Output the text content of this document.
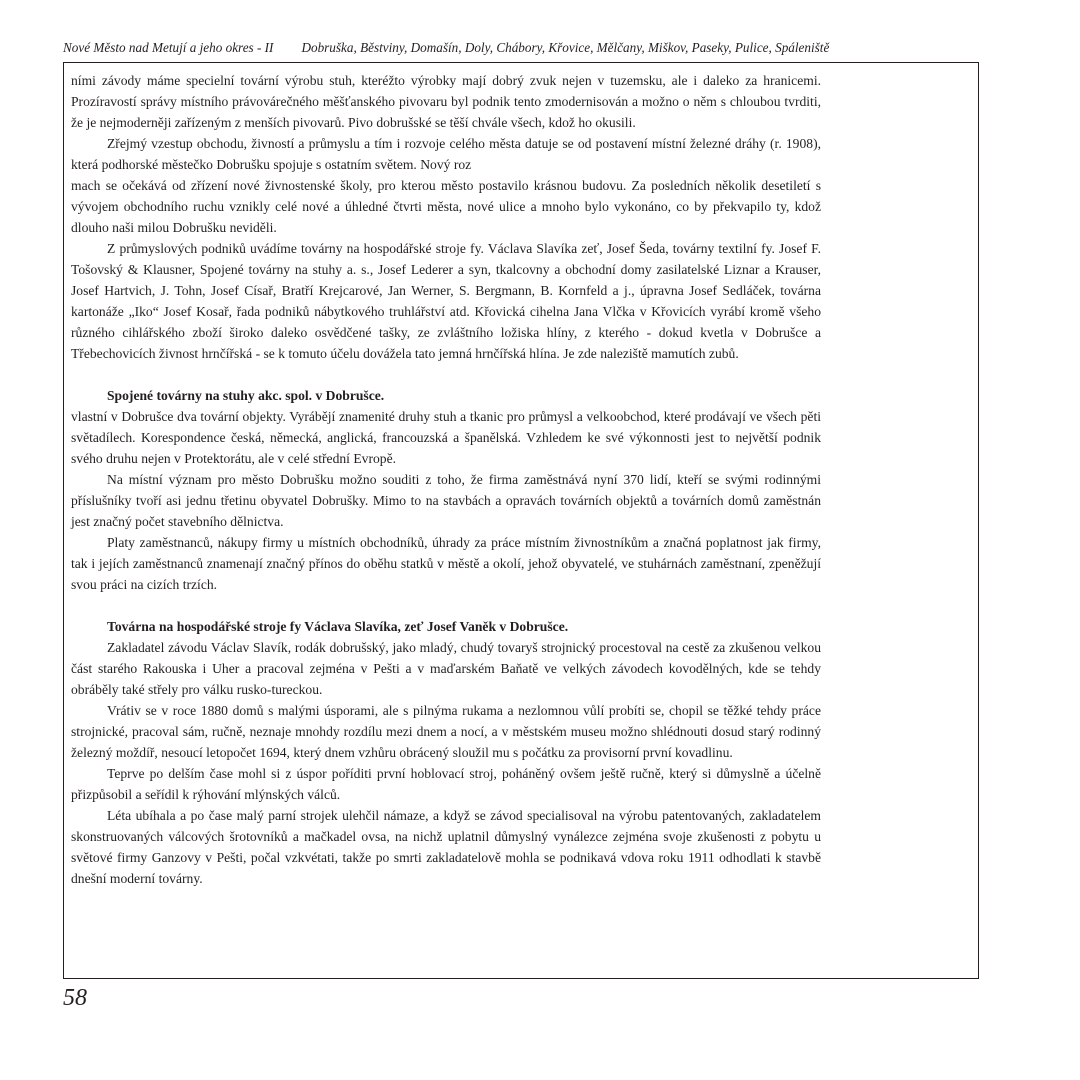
Nové Město nad Metují a jeho okres - II Dobruška, Běstviny, Domašín, Doly, Chábory, Křovice, Mělčany, Miškov, Paseky, Pulice, Spáleniště

ními závody máme specielní tovární výrobu stuh, kteréžto výrobky mají dobrý zvuk nejen v tuzemsku, ale i daleko za hranicemi. Prozíravostí správy místního právovárečného měšťanského pivovaru byl podnik tento zmodernisován a možno o něm s chloubou tvrditi, že je nejmoderněji zařízeným z menších pivovarů. Pivo dobrušské se těší chvále všech, kdož ho okusili.

Zřejmý vzestup obchodu, živností a průmyslu a tím i rozvoje celého města datuje se od postavení místní železné dráhy (r. 1908), která podhorské městečko Dobrušku spojuje s ostatním světem. Nový roz

mach se očekává od zřízení nové živnostenské školy, pro kterou město postavilo krásnou budovu. Za posledních několik desetiletí s vývojem obchodního ruchu vznikly celé nové a úhledné čtvrti města, nové ulice a mnoho bylo vykonáno, co by překvapilo ty, kdož dlouho naši milou Dobrušku neviděli.

Z průmyslových podniků uvádíme továrny na hospodářské stroje fy. Václava Slavíka zeť, Josef Šeda, továrny textilní fy. Josef F. Tošovský & Klausner, Spojené továrny na stuhy a. s., Josef Lederer a syn, tkalcovny a obchodní domy zasilatelské Liznar a Krauser, Josef Hartvich, J. Tohn, Josef Císař, Bratří Krejcarové, Jan Werner, S. Bergmann, B. Kornfeld a j., úpravna Josef Sedláček, továrna kartonáže „Iko“ Josef Kosař, řada podniků nábytkového truhlářství atd. Křovická cihelna Jana Vlčka v Křovicích vyrábí kromě všeho různého cihlářského zboží široko daleko osvědčené tašky, ze zvláštního ložiska hlíny, z kterého - dokud kvetla v Dobrušce a Třebechovicích živnost hrnčířská - se k tomuto účelu dovážela tato jemná hrnčířská hlína. Je zde naleziště mamutích zubů.

Spojené továrny na stuhy akc. spol. v Dobrušce.

vlastní v Dobrušce dva tovární objekty. Vyrábějí znamenité druhy stuh a tkanic pro průmysl a velkoobchod, které prodávají ve všech pěti světadílech. Korespondence česká, německá, anglická, francouzská a španělská. Vzhledem ke své výkonnosti jest to největší podnik svého druhu nejen v Protektorátu, ale v celé střední Evropě.

Na místní význam pro město Dobrušku možno souditi z toho, že firma zaměstnává nyní 370 lidí, kteří se svými rodinnými příslušníky tvoří asi jednu třetinu obyvatel Dobrušky. Mimo to na stavbách a opravách továrních objektů a továrních domů zaměstnán jest značný počet stavebního dělnictva.

Platy zaměstnanců, nákupy firmy u místních obchodníků, úhrady za práce místním živnostníkům a značná poplatnost jak firmy, tak i jejích zaměstnanců znamenají značný přínos do oběhu statků v městě a okolí, jehož obyvatelé, ve stuhárnách zaměstnaní, zpeněžují svou práci na cizích trzích.

Továrna na hospodářské stroje fy Václava Slavíka, zeť Josef Vaněk v Dobrušce.

Zakladatel závodu Václav Slavík, rodák dobrušský, jako mladý, chudý tovaryš strojnický procestoval na cestě za zkušenou velkou část starého Rakouska i Uher a pracoval zejména v Pešti a v maďarském Baňatě ve velkých závodech kovodělných, kde se tehdy obráběly také střely pro válku rusko-tureckou.

Vrátiv se v roce 1880 domů s malými úsporami, ale s pilnýma rukama a nezlomnou vůlí probíti se, chopil se těžké tehdy práce strojnické, pracoval sám, ručně, neznaje mnohdy rozdílu mezi dnem a nocí, a v městském museu možno shlédnouti dosud starý rodinný železný moždíř, nesoucí letopočet 1694, který dnem vzhůru obrácený sloužil mu s počátku za provisorní první kovadlinu.

Teprve po delším čase mohl si z úspor poříditi první hoblovací stroj, poháněný ovšem ještě ručně, který si důmyslně a účelně přizpůsobil a seřídil k rýhování mlýnských válců.

Léta ubíhala a po čase malý parní strojek ulehčil námaze, a když se závod specialisoval na výrobu patentovaných, zakladatelem skonstruovaných válcových šrotovníků a mačkadel ovsa, na nichž uplatnil důmyslný vynálezce zejména svoje zkušenosti z pobytu u světové firmy Ganzovy v Pešti, počal vzkvétati, takže po smrti zakladatelově mohla se podnikavá vdova roku 1911 odhodlati k stavbě dnešní moderní továrny.

58
